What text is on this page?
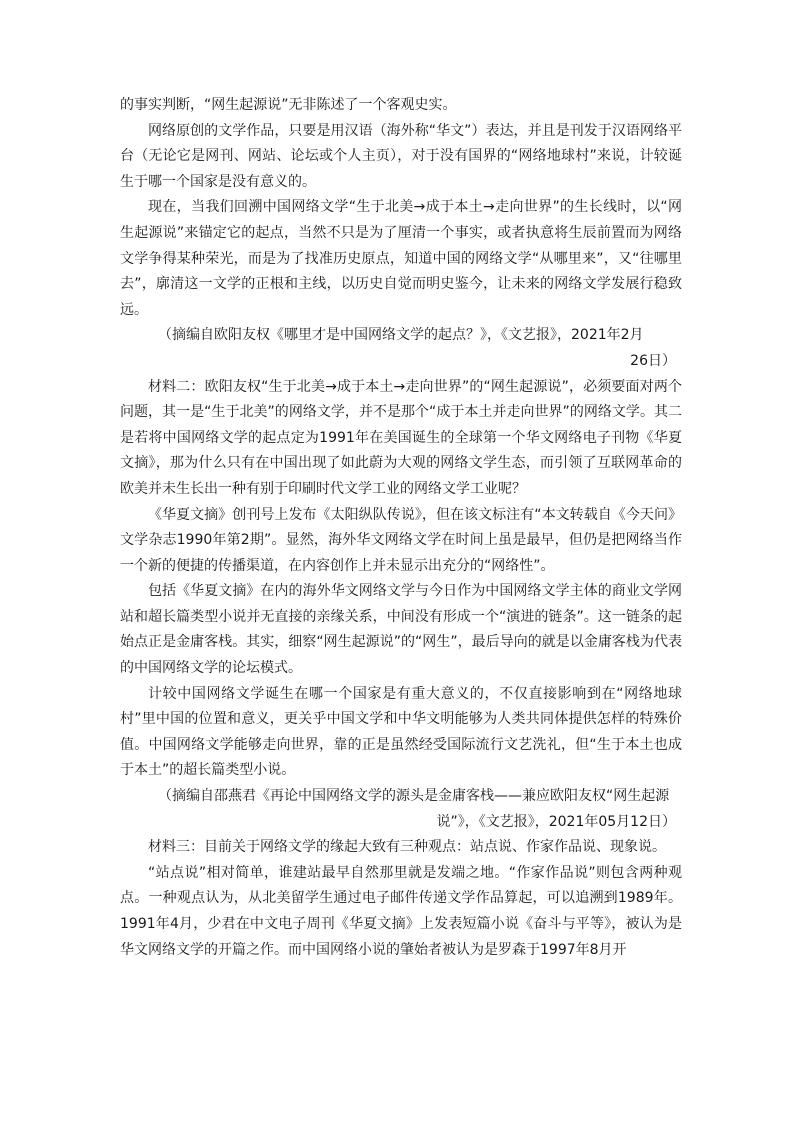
的事实判断，“网生起源说”无非陈述了一个客观史实。

网络原创的文学作品，只要是用汉语（海外称“华文”）表达，并且是刊发于汉语网络平台（无论它是网刊、网站、论坛或个人主页），对于没有国界的“网络地球村”来说，计较诞生于哪一个国家是没有意义的。

现在，当我们回溯中国网络文学“生于北美→成于本土→走向世界”的生长线时，以“网生起源说”来锚定它的起点，当然不只是为了厘清一个事实，或者执意将生辰前置而为网络文学争得某种荣光，而是为了找准历史原点，知道中国的网络文学“从哪里来”，又“往哪里去”，廓清这一文学的正根和主线，以历史自觉而明史鉴今，让未来的网络文学发展行稳致远。

（摘编自欧阳友权《哪里才是中国网络文学的起点？》，《文艺报》，2021年2月

26日）

材料二：欧阳友权“生于北美→成于本土→走向世界”的“网生起源说”，必须要面对两个问题，其一是“生于北美”的网络文学，并不是那个“成于本土并走向世界”的网络文学。其二是若将中国网络文学的起点定为1991年在美国诞生的全球第一个华文网络电子刊物《华夏文摘》，那为什么只有在中国出现了如此蔚为大观的网络文学生态，而引领了互联网革命的欧美并未生长出一种有别于印刷时代文学工业的网络文学工业呢？

《华夏文摘》创刊号上发布《太阳纵队传说》，但在该文标注有“本文转载自《今天问》文学杂志1990年第2期”。显然，海外华文网络文学在时间上虽是最早，但仍是把网络当作一个新的便捷的传播渠道，在内容创作上并未显示出充分的“网络性”。

包括《华夏文摘》在内的海外华文网络文学与今日作为中国网络文学主体的商业文学网站和超长篇类型小说并无直接的亲缘关系，中间没有形成一个“演进的链条”。这一链条的起始点正是金庸客栈。其实，细察“网生起源说”的“网生”，最后导向的就是以金庸客栈为代表的中国网络文学的论坛模式。

计较中国网络文学诞生在哪一个国家是有重大意义的，不仅直接影响到在“网络地球村”里中国的位置和意义，更关乎中国文学和中华文明能够为人类共同体提供怎样的特殊价值。中国网络文学能够走向世界，靠的正是虽然经受国际流行文艺洗礼，但“生于本土也成于本土”的超长篇类型小说。

（摘编自邵燕君《再论中国网络文学的源头是金庸客栈——兼应欧阳友权“网生起源

说”》，《文艺报》，2021年05月12日）

材料三：目前关于网络文学的缘起大致有三种观点：站点说、作家作品说、现象说。

“站点说”相对简单，谁建站最早自然那里就是发端之地。“作家作品说”则包含两种观点。一种观点认为，从北美留学生通过电子邮件传递文学作品算起，可以追溯到1989年。1991年4月，少君在中文电子周刊《华夏文摘》上发表短篇小说《奋斗与平等》，被认为是华文网络文学的开篇之作。而中国网络小说的肇始者被认为是罗森于1997年8月开
